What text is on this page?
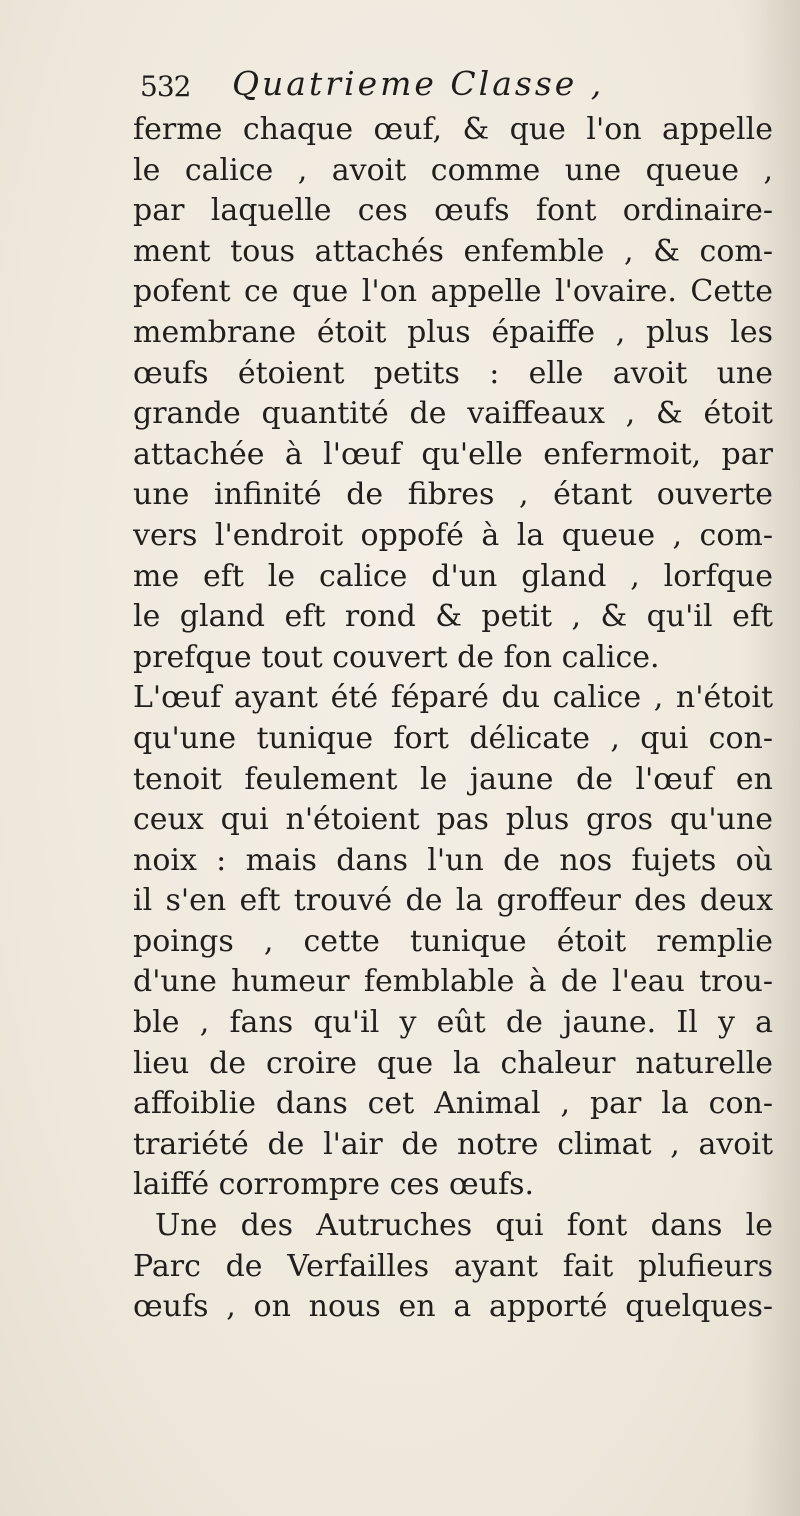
532 Quatrieme Classe ,
ferme chaque œuf, & que l'on appelle
le calice , avoit comme une queue ,
par laquelle ces œufs font ordinaire-
ment tous attachés enfemble , & com-
pofent ce que l'on appelle l'ovaire. Cette
membrane étoit plus épaiffe , plus les
œufs étoient petits : elle avoit une
grande quantité de vaiffeaux , & étoit
attachée à l'œuf qu'elle enfermoit, par
une infinité de fibres , étant ouverte
vers l'endroit oppofé à la queue , com-
me eft le calice d'un gland , lorfque
le gland eft rond & petit , & qu'il eft
prefque tout couvert de fon calice.
L'œuf ayant été féparé du calice , n'étoit
qu'une tunique fort délicate , qui con-
tenoit feulement le jaune de l'œuf en
ceux qui n'étoient pas plus gros qu'une
noix : mais dans l'un de nos fujets où
il s'en eft trouvé de la groffeur des deux
poings , cette tunique étoit remplie
d'une humeur femblable à de l'eau trou-
ble , fans qu'il y eût de jaune. Il y a
lieu de croire que la chaleur naturelle
affoiblie dans cet Animal , par la con-
trariété de l'air de notre climat , avoit
laiffé corrompre ces œufs.
Une des Autruches qui font dans le
Parc de Verfailles ayant fait plufieurs
œufs , on nous en a apporté quelques-
